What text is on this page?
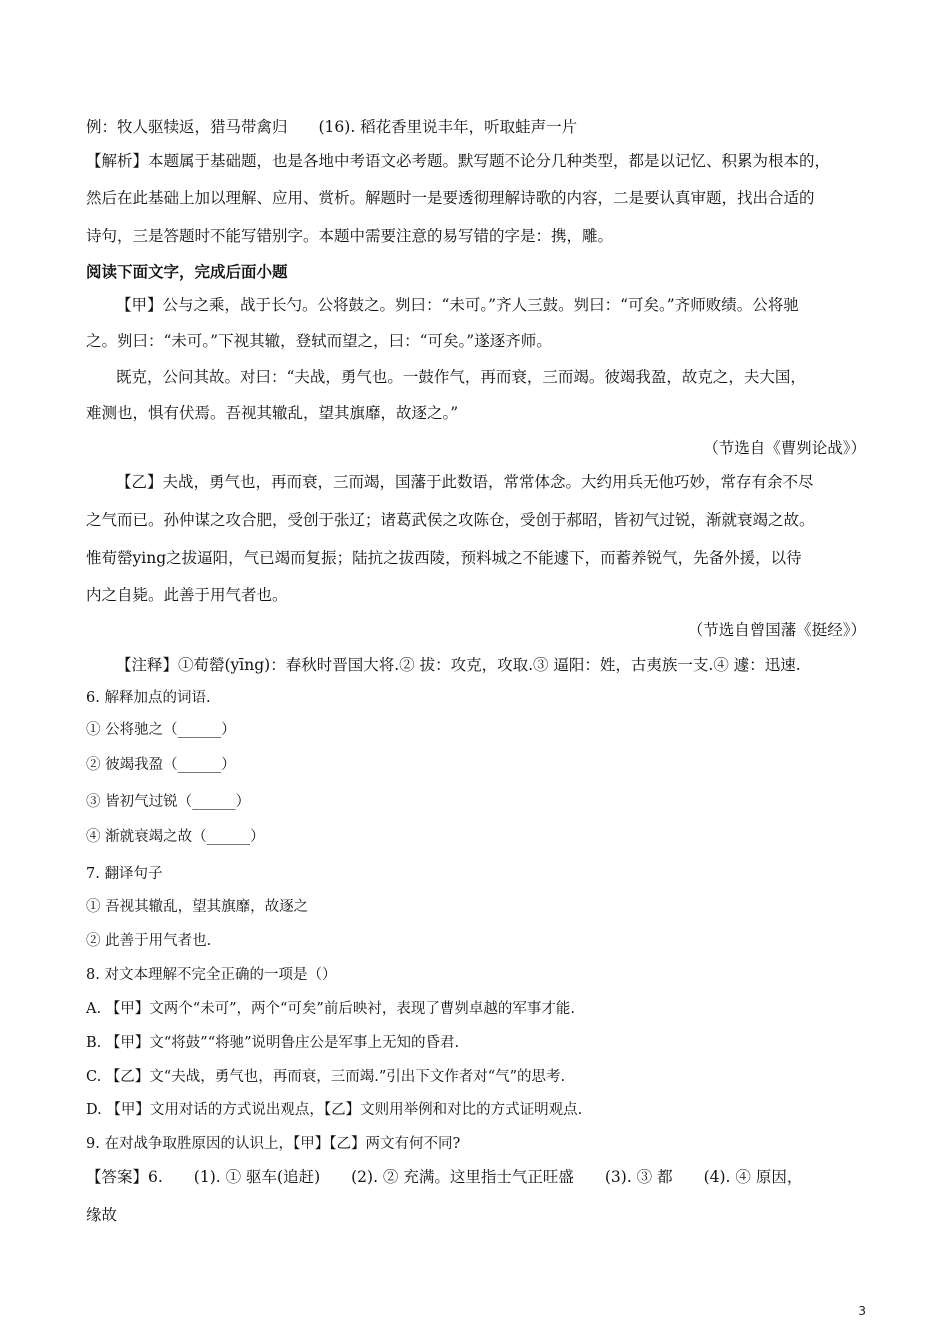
例：牧人驱犊返，猎马带禽归　　(16). 稻花香里说丰年，听取蛙声一片
【解析】本题属于基础题，也是各地中考语文必考题。默写题不论分几种类型，都是以记忆、积累为根本的，
然后在此基础上加以理解、应用、赏析。解题时一是要透彻理解诗歌的内容，二是要认真审题，找出合适的
诗句，三是答题时不能写错别字。本题中需要注意的易写错的字是：携，雕。
阅读下面文字，完成后面小题
【甲】公与之乘，战于长勺。公将鼓之。刿曰：“未可。”齐人三鼓。刿曰：“可矣。”齐师败绩。公将驰
之。刿曰：“未可。”下视其辙，登轼而望之，曰：“可矣。”遂逐齐师。
既克，公问其故。对曰：“夫战，勇气也。一鼓作气，再而衰，三而竭。彼竭我盈，故克之，夫大国，
难测也，惧有伏焉。吾视其辙乱，望其旗靡，故逐之。”
（节选自《曹刿论战》）
【乙】夫战，勇气也，再而衰，三而竭，国藩于此数语，常常体念。大约用兵无他巧妙，常存有余不尽
之气而已。孙仲谋之攻合肥，受创于张辽；诸葛武侯之攻陈仓，受创于郝昭，皆初气过锐，渐就衰竭之故。
惟荀罃ying之拔逼阳，气已竭而复振；陆抗之拔西陵，预料城之不能遽下，而蓄养锐气，先备外援，以待
内之自毙。此善于用气者也。
（节选自曾国藩《挺经》）
【注释】①荀罃(yīng)：春秋时晋国大将.② 拔：攻克，攻取.③ 逼阳：姓，古夷族一支.④ 遽：迅速.
6. 解释加点的词语.
① 公将驰之（______）
② 彼竭我盈（______）
③ 皆初气过锐（______）
④ 渐就衰竭之故（______）
7. 翻译句子
① 吾视其辙乱，望其旗靡，故逐之
② 此善于用气者也.
8. 对文本理解不完全正确的一项是（）
A. 【甲】文两个“未可”，两个“可矣”前后映衬，表现了曹刿卓越的军事才能.
B. 【甲】文“将鼓”“将驰”说明鲁庄公是军事上无知的昏君.
C. 【乙】文“夫战，勇气也，再而衰，三而竭.”引出下文作者对“气”的思考.
D. 【甲】文用对话的方式说出观点，【乙】文则用举例和对比的方式证明观点.
9. 在对战争取胜原因的认识上，【甲】【乙】两文有何不同?
【答案】6.　　(1). ① 驱车(追赶)　　(2). ② 充满。这里指士气正旺盛　　(3). ③ 都　　(4). ④ 原因，
缘故
3
